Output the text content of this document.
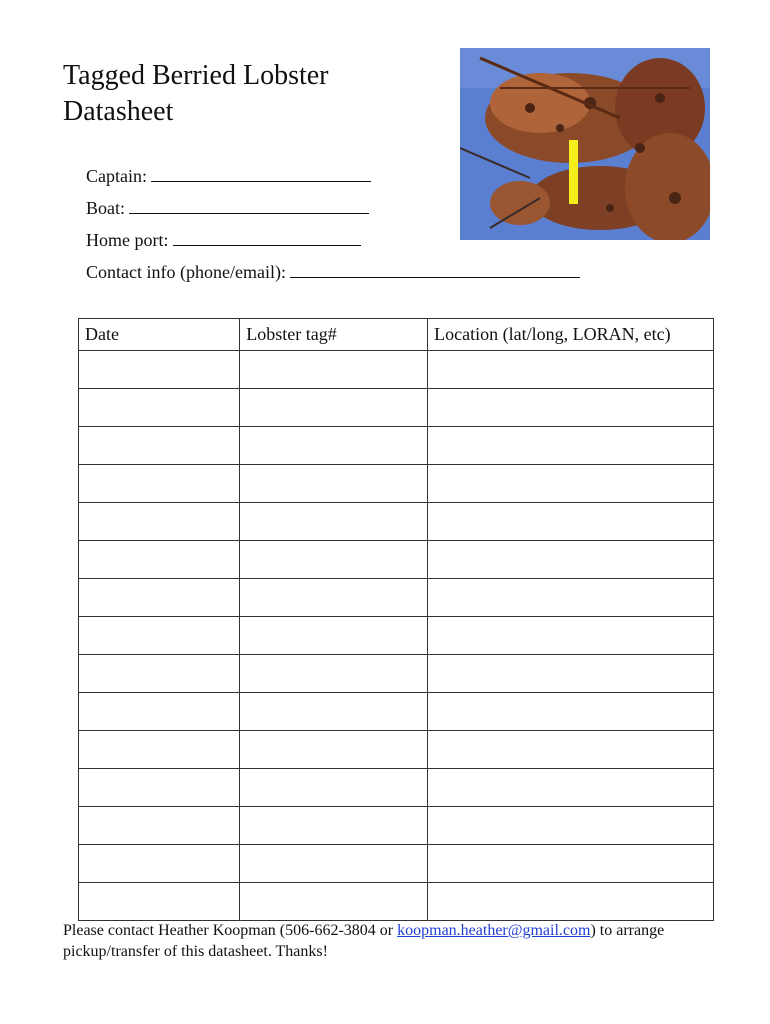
Tagged Berried Lobster
Datasheet
Captain:
Boat:
Home port:
Contact info (phone/email):
Date	Lobster tag#	Location (lat/long, LORAN, etc)

Please contact Heather Koopman (506-662-3804 or koopman.heather@gmail.com) to arrange pickup/transfer of this datasheet. Thanks!
